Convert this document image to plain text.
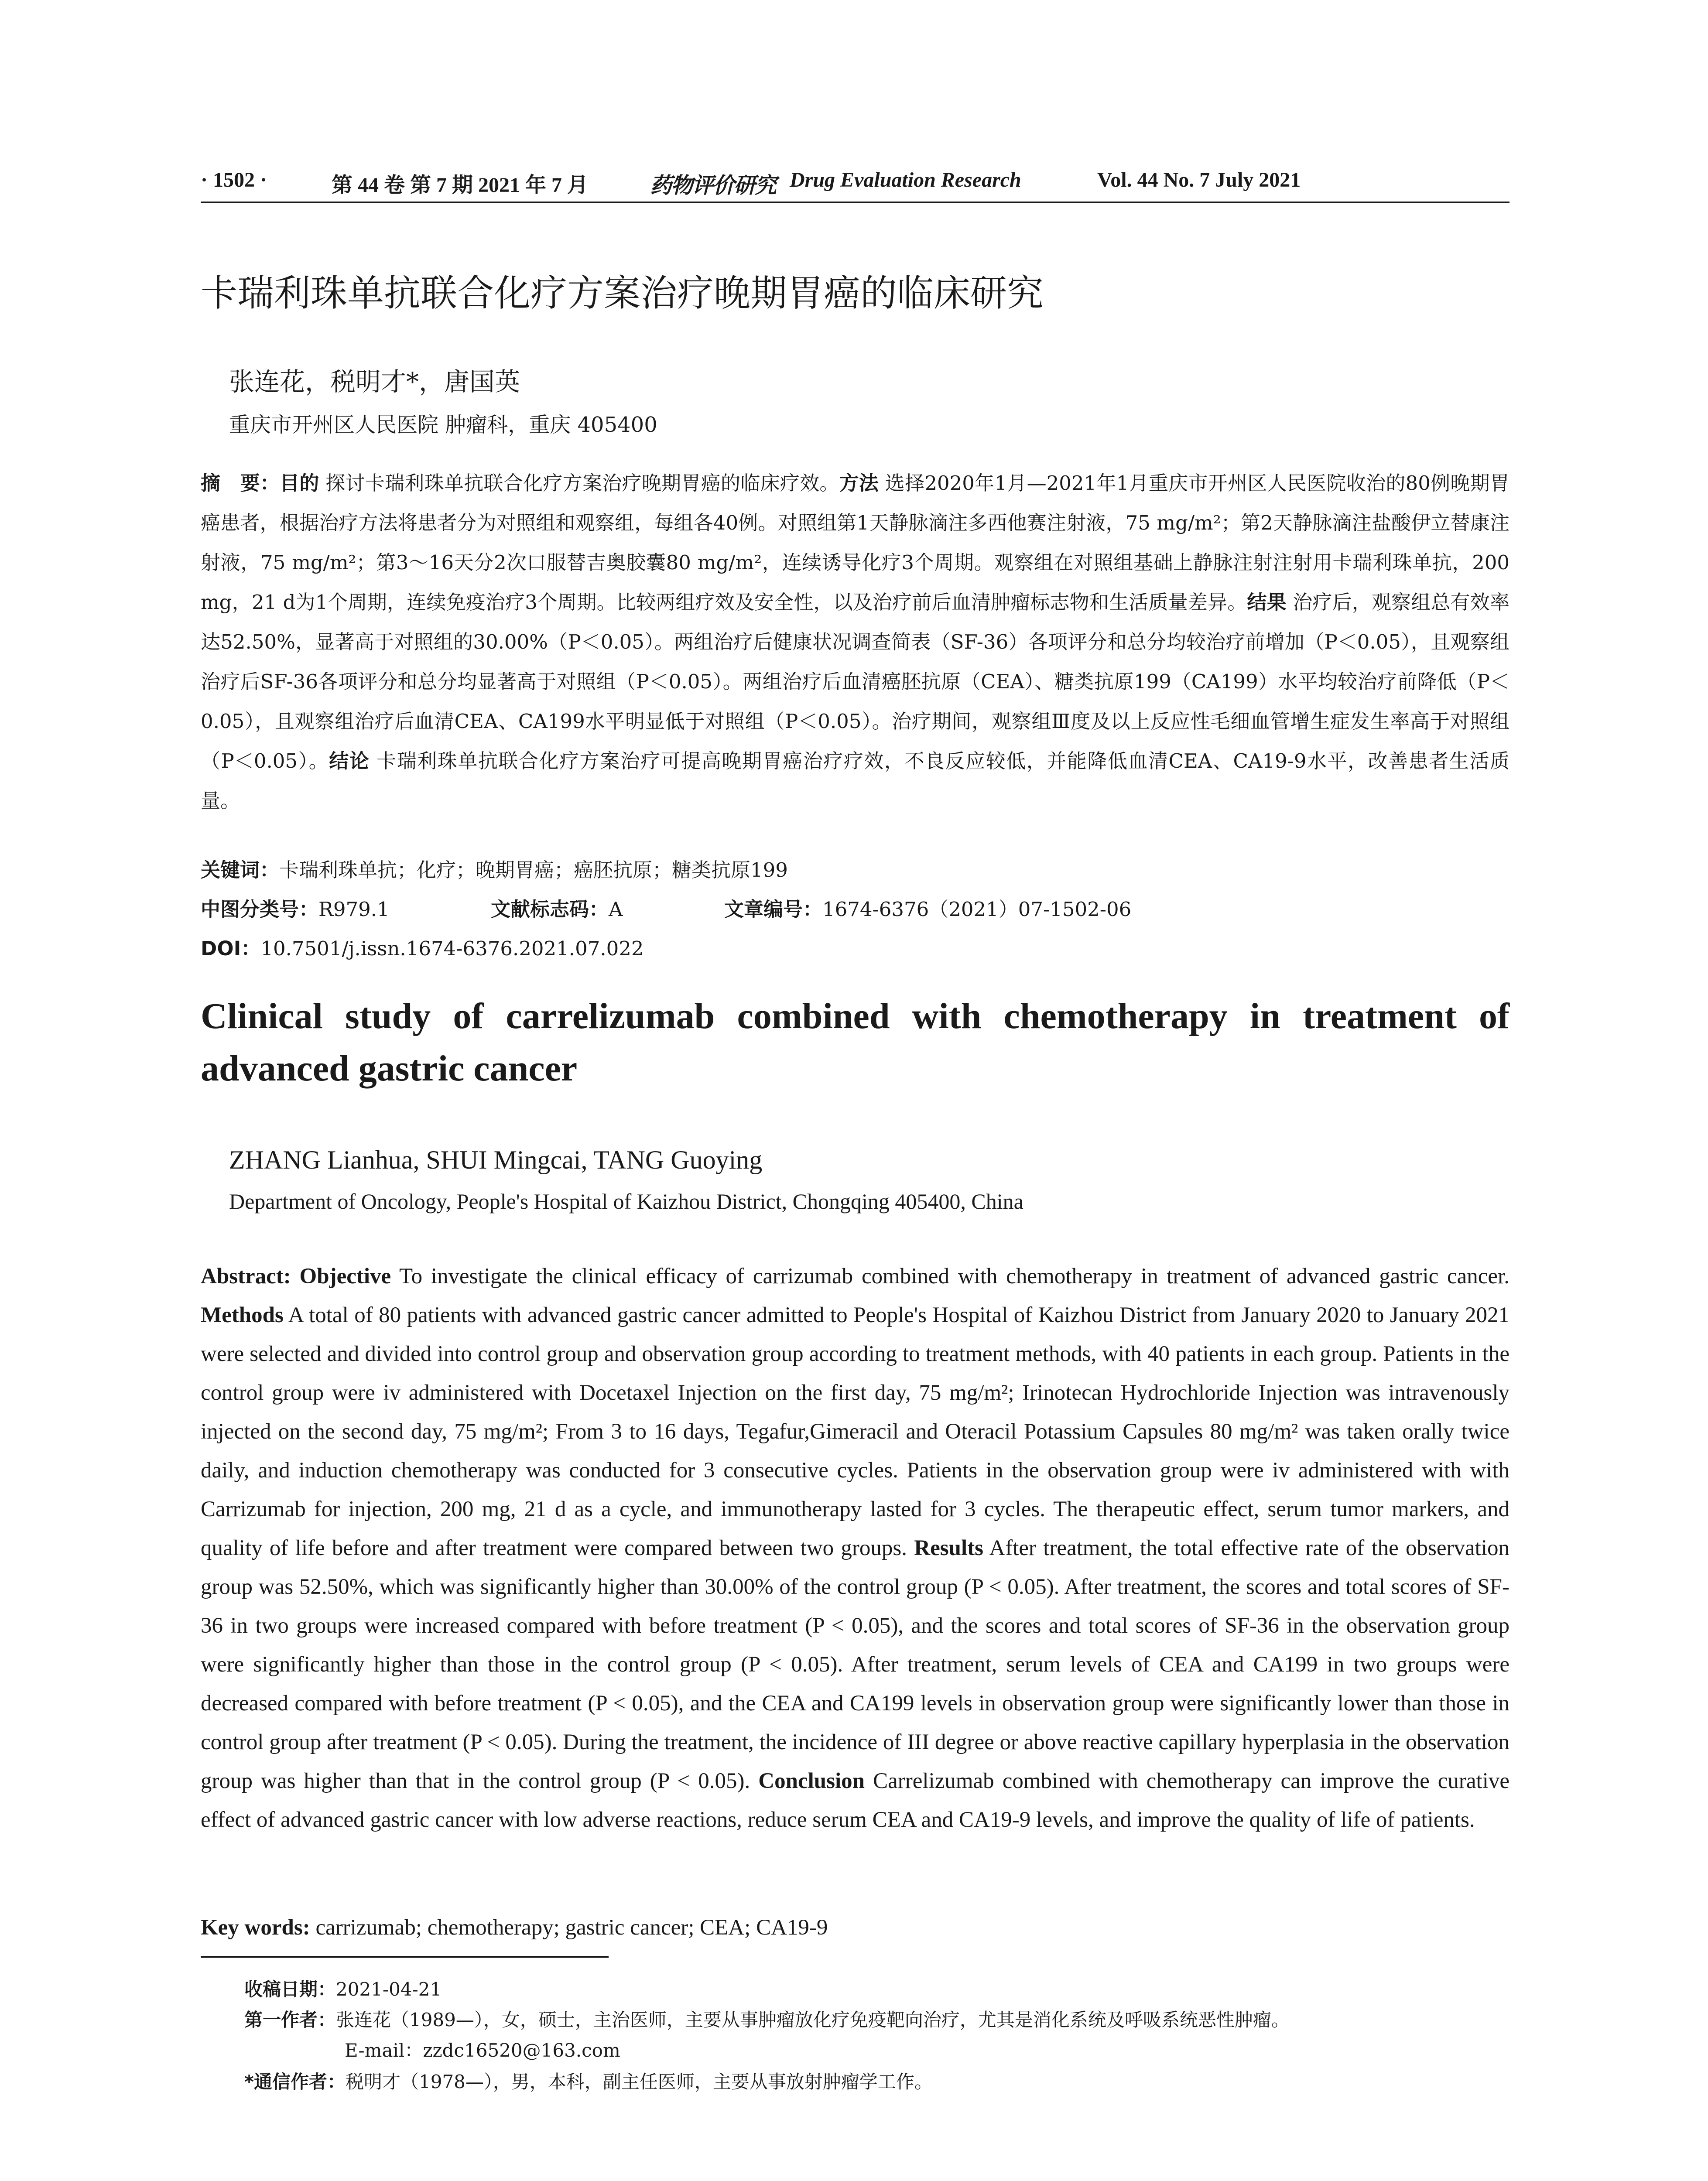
· 1502 ·	第 44 卷 第 7 期 2021 年 7 月	药物评价研究 Drug Evaluation Research	Vol. 44 No. 7 July 2021
卡瑞利珠单抗联合化疗方案治疗晚期胃癌的临床研究
张连花，税明才*，唐国英
重庆市开州区人民医院 肿瘤科，重庆 405400
摘　要：目的 探讨卡瑞利珠单抗联合化疗方案治疗晚期胃癌的临床疗效。方法 选择2020年1月—2021年1月重庆市开州区人民医院收治的80例晚期胃癌患者，根据治疗方法将患者分为对照组和观察组，每组各40例。对照组第1天静脉滴注多西他赛注射液，75 mg/m²；第2天静脉滴注盐酸伊立替康注射液，75 mg/m²；第3～16天分2次口服替吉奥胶囊80 mg/m²，连续诱导化疗3个周期。观察组在对照组基础上静脉注射注射用卡瑞利珠单抗，200 mg，21 d为1个周期，连续免疫治疗3个周期。比较两组疗效及安全性，以及治疗前后血清肿瘤标志物和生活质量差异。结果 治疗后，观察组总有效率达52.50%，显著高于对照组的30.00%（P＜0.05）。两组治疗后健康状况调查简表（SF-36）各项评分和总分均较治疗前增加（P＜0.05），且观察组治疗后SF-36各项评分和总分均显著高于对照组（P＜0.05）。两组治疗后血清癌胚抗原（CEA）、糖类抗原199（CA199）水平均较治疗前降低（P＜0.05），且观察组治疗后血清CEA、CA199水平明显低于对照组（P＜0.05）。治疗期间，观察组Ⅲ度及以上反应性毛细血管增生症发生率高于对照组（P＜0.05）。结论 卡瑞利珠单抗联合化疗方案治疗可提高晚期胃癌治疗疗效，不良反应较低，并能降低血清CEA、CA19-9水平，改善患者生活质量。
关键词：卡瑞利珠单抗；化疗；晚期胃癌；癌胚抗原；糖类抗原199
中图分类号：R979.1	文献标志码：A	文章编号：1674-6376（2021）07-1502-06
DOI：10.7501/j.issn.1674-6376.2021.07.022
Clinical study of carrelizumab combined with chemotherapy in treatment of advanced gastric cancer
ZHANG Lianhua, SHUI Mingcai, TANG Guoying
Department of Oncology, People's Hospital of Kaizhou District, Chongqing 405400, China
Abstract: Objective To investigate the clinical efficacy of carrizumab combined with chemotherapy in treatment of advanced gastric cancer. Methods A total of 80 patients with advanced gastric cancer admitted to People's Hospital of Kaizhou District from January 2020 to January 2021 were selected and divided into control group and observation group according to treatment methods, with 40 patients in each group. Patients in the control group were iv administered with Docetaxel Injection on the first day, 75 mg/m²; Irinotecan Hydrochloride Injection was intravenously injected on the second day, 75 mg/m²; From 3 to 16 days, Tegafur,Gimeracil and Oteracil Potassium Capsules 80 mg/m² was taken orally twice daily, and induction chemotherapy was conducted for 3 consecutive cycles. Patients in the observation group were iv administered with with Carrizumab for injection, 200 mg, 21 d as a cycle, and immunotherapy lasted for 3 cycles. The therapeutic effect, serum tumor markers, and quality of life before and after treatment were compared between two groups. Results After treatment, the total effective rate of the observation group was 52.50%, which was significantly higher than 30.00% of the control group (P < 0.05). After treatment, the scores and total scores of SF-36 in two groups were increased compared with before treatment (P < 0.05), and the scores and total scores of SF-36 in the observation group were significantly higher than those in the control group (P < 0.05). After treatment, serum levels of CEA and CA199 in two groups were decreased compared with before treatment (P < 0.05), and the CEA and CA199 levels in observation group were significantly lower than those in control group after treatment (P < 0.05). During the treatment, the incidence of III degree or above reactive capillary hyperplasia in the observation group was higher than that in the control group (P < 0.05). Conclusion Carrelizumab combined with chemotherapy can improve the curative effect of advanced gastric cancer with low adverse reactions, reduce serum CEA and CA19-9 levels, and improve the quality of life of patients.
Key words: carrizumab; chemotherapy; gastric cancer; CEA; CA19-9
收稿日期：2021-04-21
第一作者：张连花（1989—），女，硕士，主治医师，主要从事肿瘤放化疗免疫靶向治疗，尤其是消化系统及呼吸系统恶性肿瘤。
E-mail：zzdc16520@163.com
*通信作者：税明才（1978—），男，本科，副主任医师，主要从事放射肿瘤学工作。
